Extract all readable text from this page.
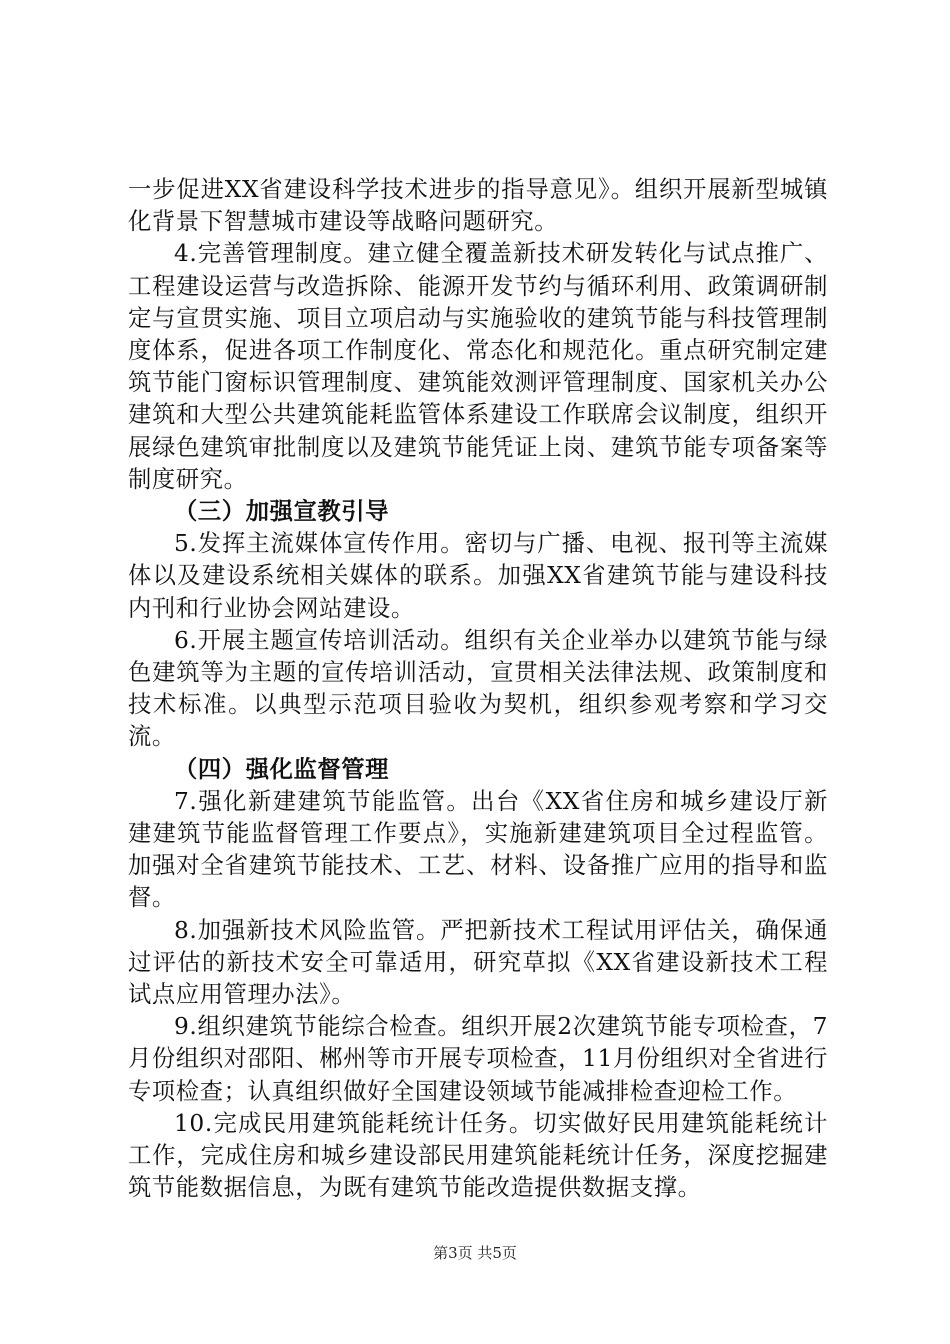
一步促进XX省建设科学技术进步的指导意见》。组织开展新型城镇化背景下智慧城市建设等战略问题研究。

4.完善管理制度。建立健全覆盖新技术研发转化与试点推广、工程建设运营与改造拆除、能源开发节约与循环利用、政策调研制定与宣贯实施、项目立项启动与实施验收的建筑节能与科技管理制度体系，促进各项工作制度化、常态化和规范化。重点研究制定建筑节能门窗标识管理制度、建筑能效测评管理制度、国家机关办公建筑和大型公共建筑能耗监管体系建设工作联席会议制度，组织开展绿色建筑审批制度以及建筑节能凭证上岗、建筑节能专项备案等制度研究。

（三）加强宣教引导

5.发挥主流媒体宣传作用。密切与广播、电视、报刊等主流媒体以及建设系统相关媒体的联系。加强XX省建筑节能与建设科技内刊和行业协会网站建设。

6.开展主题宣传培训活动。组织有关企业举办以建筑节能与绿色建筑等为主题的宣传培训活动，宣贯相关法律法规、政策制度和技术标准。以典型示范项目验收为契机，组织参观考察和学习交流。

（四）强化监督管理

7.强化新建建筑节能监管。出台《XX省住房和城乡建设厅新建建筑节能监督管理工作要点》，实施新建建筑项目全过程监管。加强对全省建筑节能技术、工艺、材料、设备推广应用的指导和监督。

8.加强新技术风险监管。严把新技术工程试用评估关，确保通过评估的新技术安全可靠适用，研究草拟《XX省建设新技术工程试点应用管理办法》。

9.组织建筑节能综合检查。组织开展2次建筑节能专项检查，7月份组织对邵阳、郴州等市开展专项检查，11月份组织对全省进行专项检查；认真组织做好全国建设领域节能减排检查迎检工作。

10.完成民用建筑能耗统计任务。切实做好民用建筑能耗统计工作，完成住房和城乡建设部民用建筑能耗统计任务，深度挖掘建筑节能数据信息，为既有建筑节能改造提供数据支撑。

第3页 共5页
